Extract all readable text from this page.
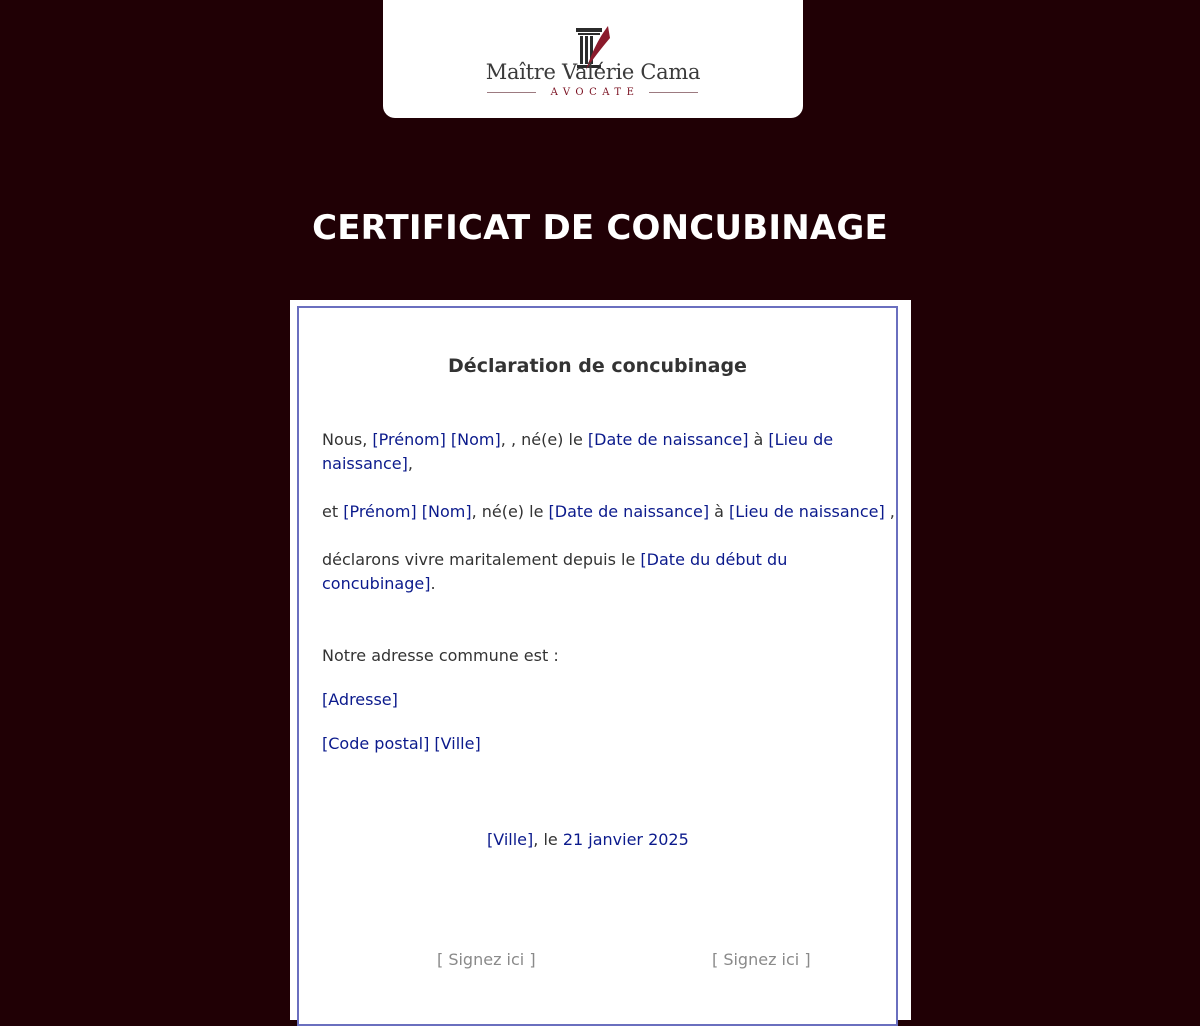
Maître Valérie Cama
AVOCATE
CERTIFICAT DE CONCUBINAGE
Déclaration de concubinage
Nous, [Prénom] [Nom], , né(e) le [Date de naissance] à [Lieu de
naissance],
et [Prénom] [Nom], né(e) le [Date de naissance] à [Lieu de naissance] ,
déclarons vivre maritalement depuis le [Date du début du
concubinage].
Notre adresse commune est :
[Adresse]
[Code postal] [Ville]
[Ville], le 21 janvier 2025
[ Signez ici ]	[ Signez ici ]
